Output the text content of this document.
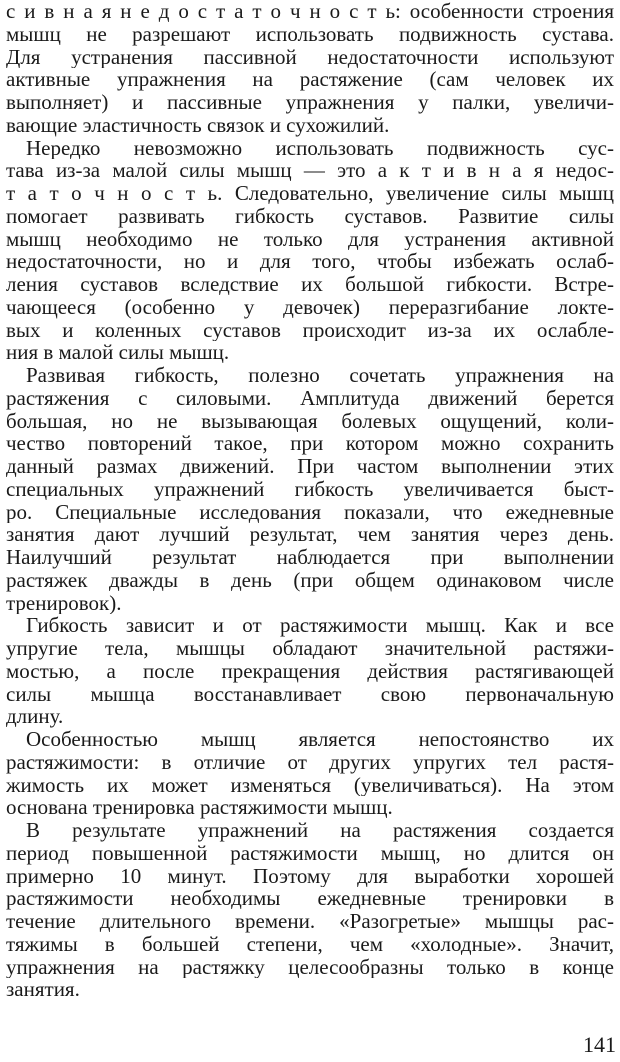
с и в н а я н е д о с т а т о ч н о с т ь: особенности строения
мышц не разрешают использовать подвижность сустава.
Для устранения пассивной недостаточности используют
активные упражнения на растяжение (сам человек их
выполняет) и пассивные упражнения у палки, увеличи-
вающие эластичность связок и сухожилий.
Нередко невозможно использовать подвижность сус-
тава из-за малой силы мышц — это а к т и в н а я недос-
т а т о ч н о с т ь. Следовательно, увеличение силы мышц
помогает развивать гибкость суставов. Развитие силы
мышц необходимо не только для устранения активной
недостаточности, но и для того, чтобы избежать ослаб-
ления суставов вследствие их большой гибкости. Встре-
чающееся (особенно у девочек) переразгибание локте-
вых и коленных суставов происходит из-за их ослабле-
ния в малой силы мышц.
Развивая гибкость, полезно сочетать упражнения на
растяжения с силовыми. Амплитуда движений берется
большая, но не вызывающая болевых ощущений, коли-
чество повторений такое, при котором можно сохранить
данный размах движений. При частом выполнении этих
специальных упражнений гибкость увеличивается быст-
ро. Специальные исследования показали, что ежедневные
занятия дают лучший результат, чем занятия через день.
Наилучший результат наблюдается при выполнении
растяжек дважды в день (при общем одинаковом числе
тренировок).
Гибкость зависит и от растяжимости мышц. Как и все
упругие тела, мышцы обладают значительной растяжи-
мостью, а после прекращения действия растягивающей
силы мышца восстанавливает свою первоначальную
длину.
Особенностью мышц является непостоянство их
растяжимости: в отличие от других упругих тел растя-
жимость их может изменяться (увеличиваться). На этом
основана тренировка растяжимости мышц.
В результате упражнений на растяжения создается
период повышенной растяжимости мышц, но длится он
примерно 10 минут. Поэтому для выработки хорошей
растяжимости необходимы ежедневные тренировки в
течение длительного времени. «Разогретые» мышцы рас-
тяжимы в большей степени, чем «холодные». Значит,
упражнения на растяжку целесообразны только в конце
занятия.
141
